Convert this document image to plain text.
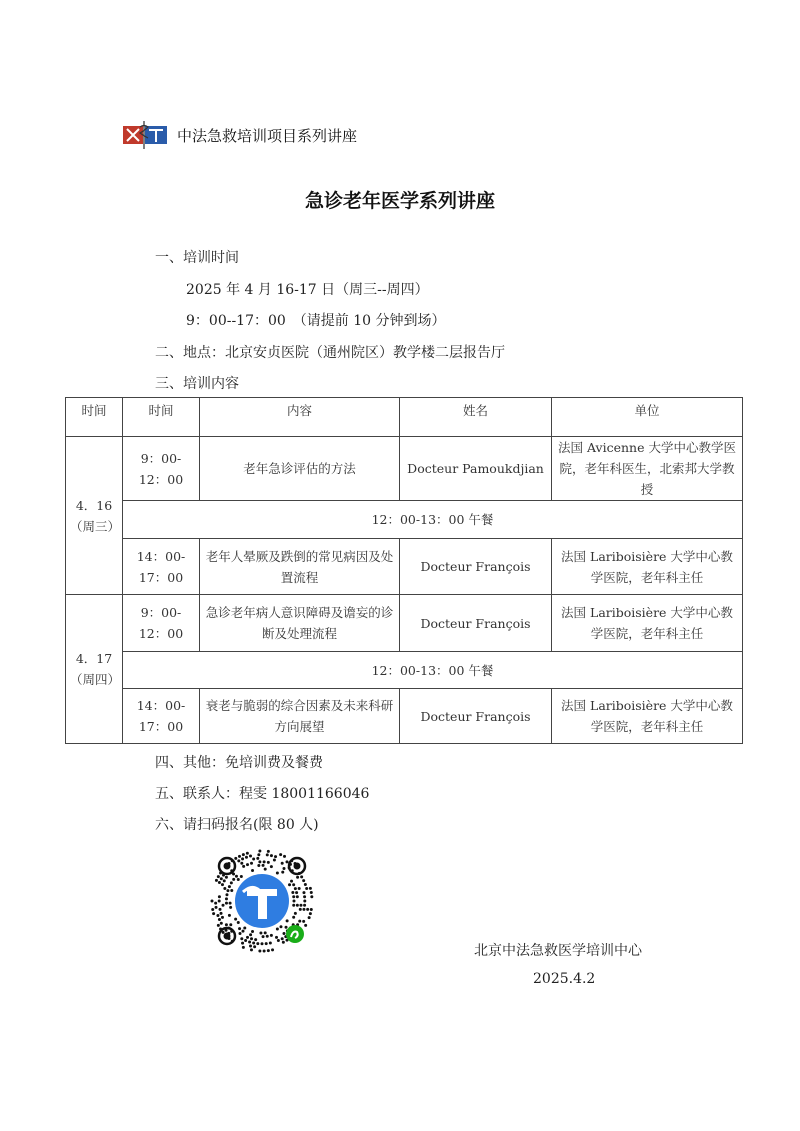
中法急救培训项目系列讲座
急诊老年医学系列讲座
一、培训时间
2025 年 4 月 16-17 日（周三--周四）
9：00--17：00　（请提前 10 分钟到场）
二、地点：北京安贞医院（通州院区）教学楼二层报告厅
三、培训内容
时间	时间	内容	姓名	单位
4．16（周三）	9：00-12：00	老年急诊评估的方法	Docteur Pamoukdjian	法国 Avicenne 大学中心教学医院，老年科医生，北索邦大学教授
	12：00-13：00 午餐			
	14：00-17：00	老年人晕厥及跌倒的常见病因及处置流程	Docteur François	法国 Lariboisière 大学中心教学医院，老年科主任
4．17（周四）	9：00-12：00	急诊老年病人意识障碍及谵妄的诊断及处理流程	Docteur François	法国 Lariboisière 大学中心教学医院，老年科主任
	12：00-13：00 午餐			
	14：00-17：00	衰老与脆弱的综合因素及未来科研方向展望	Docteur François	法国 Lariboisière 大学中心教学医院，老年科主任
四、其他：免培训费及餐费
五、联系人：程雯 18001166046
六、请扫码报名(限 80 人)
北京中法急救医学培训中心
2025.4.2
